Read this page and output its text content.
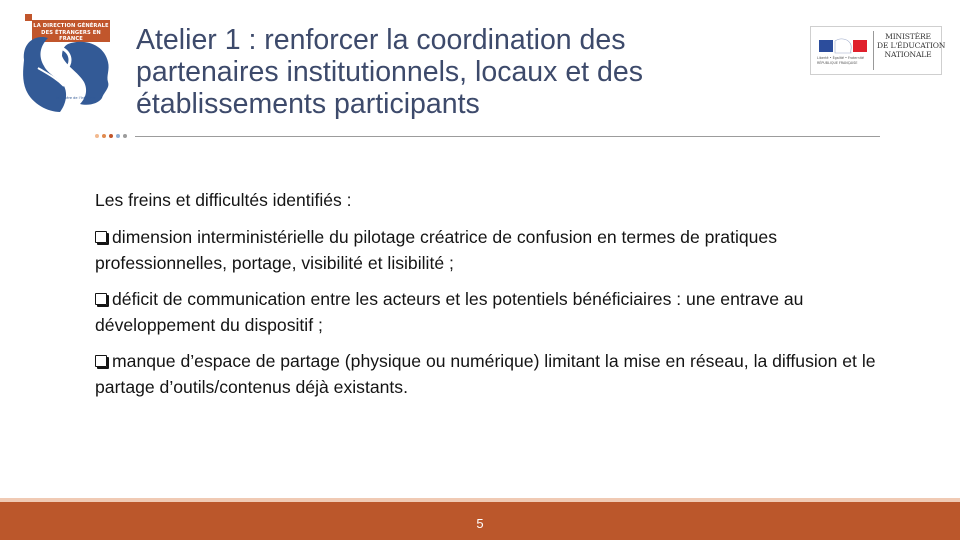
LA DIRECTION GÉNÉRALE
DES ÉTRANGERS EN FRANCE
Ministère de l'Intérieur
Atelier 1 : renforcer la coordination des
partenaires institutionnels, locaux et des
établissements participants
Liberté • Égalité • Fraternité
RÉPUBLIQUE FRANÇAISE
MINISTÈRE
DE L'ÉDUCATION
NATIONALE

Les freins et difficultés identifiés :

dimension interministérielle du pilotage créatrice de confusion en termes de pratiques professionnelles, portage, visibilité et lisibilité ;
déficit de communication entre les acteurs et les potentiels bénéficiaires : une entrave au développement du dispositif ;
manque d’espace de partage (physique ou numérique) limitant la mise en réseau, la diffusion et le partage d’outils/contenus déjà existants.
5
